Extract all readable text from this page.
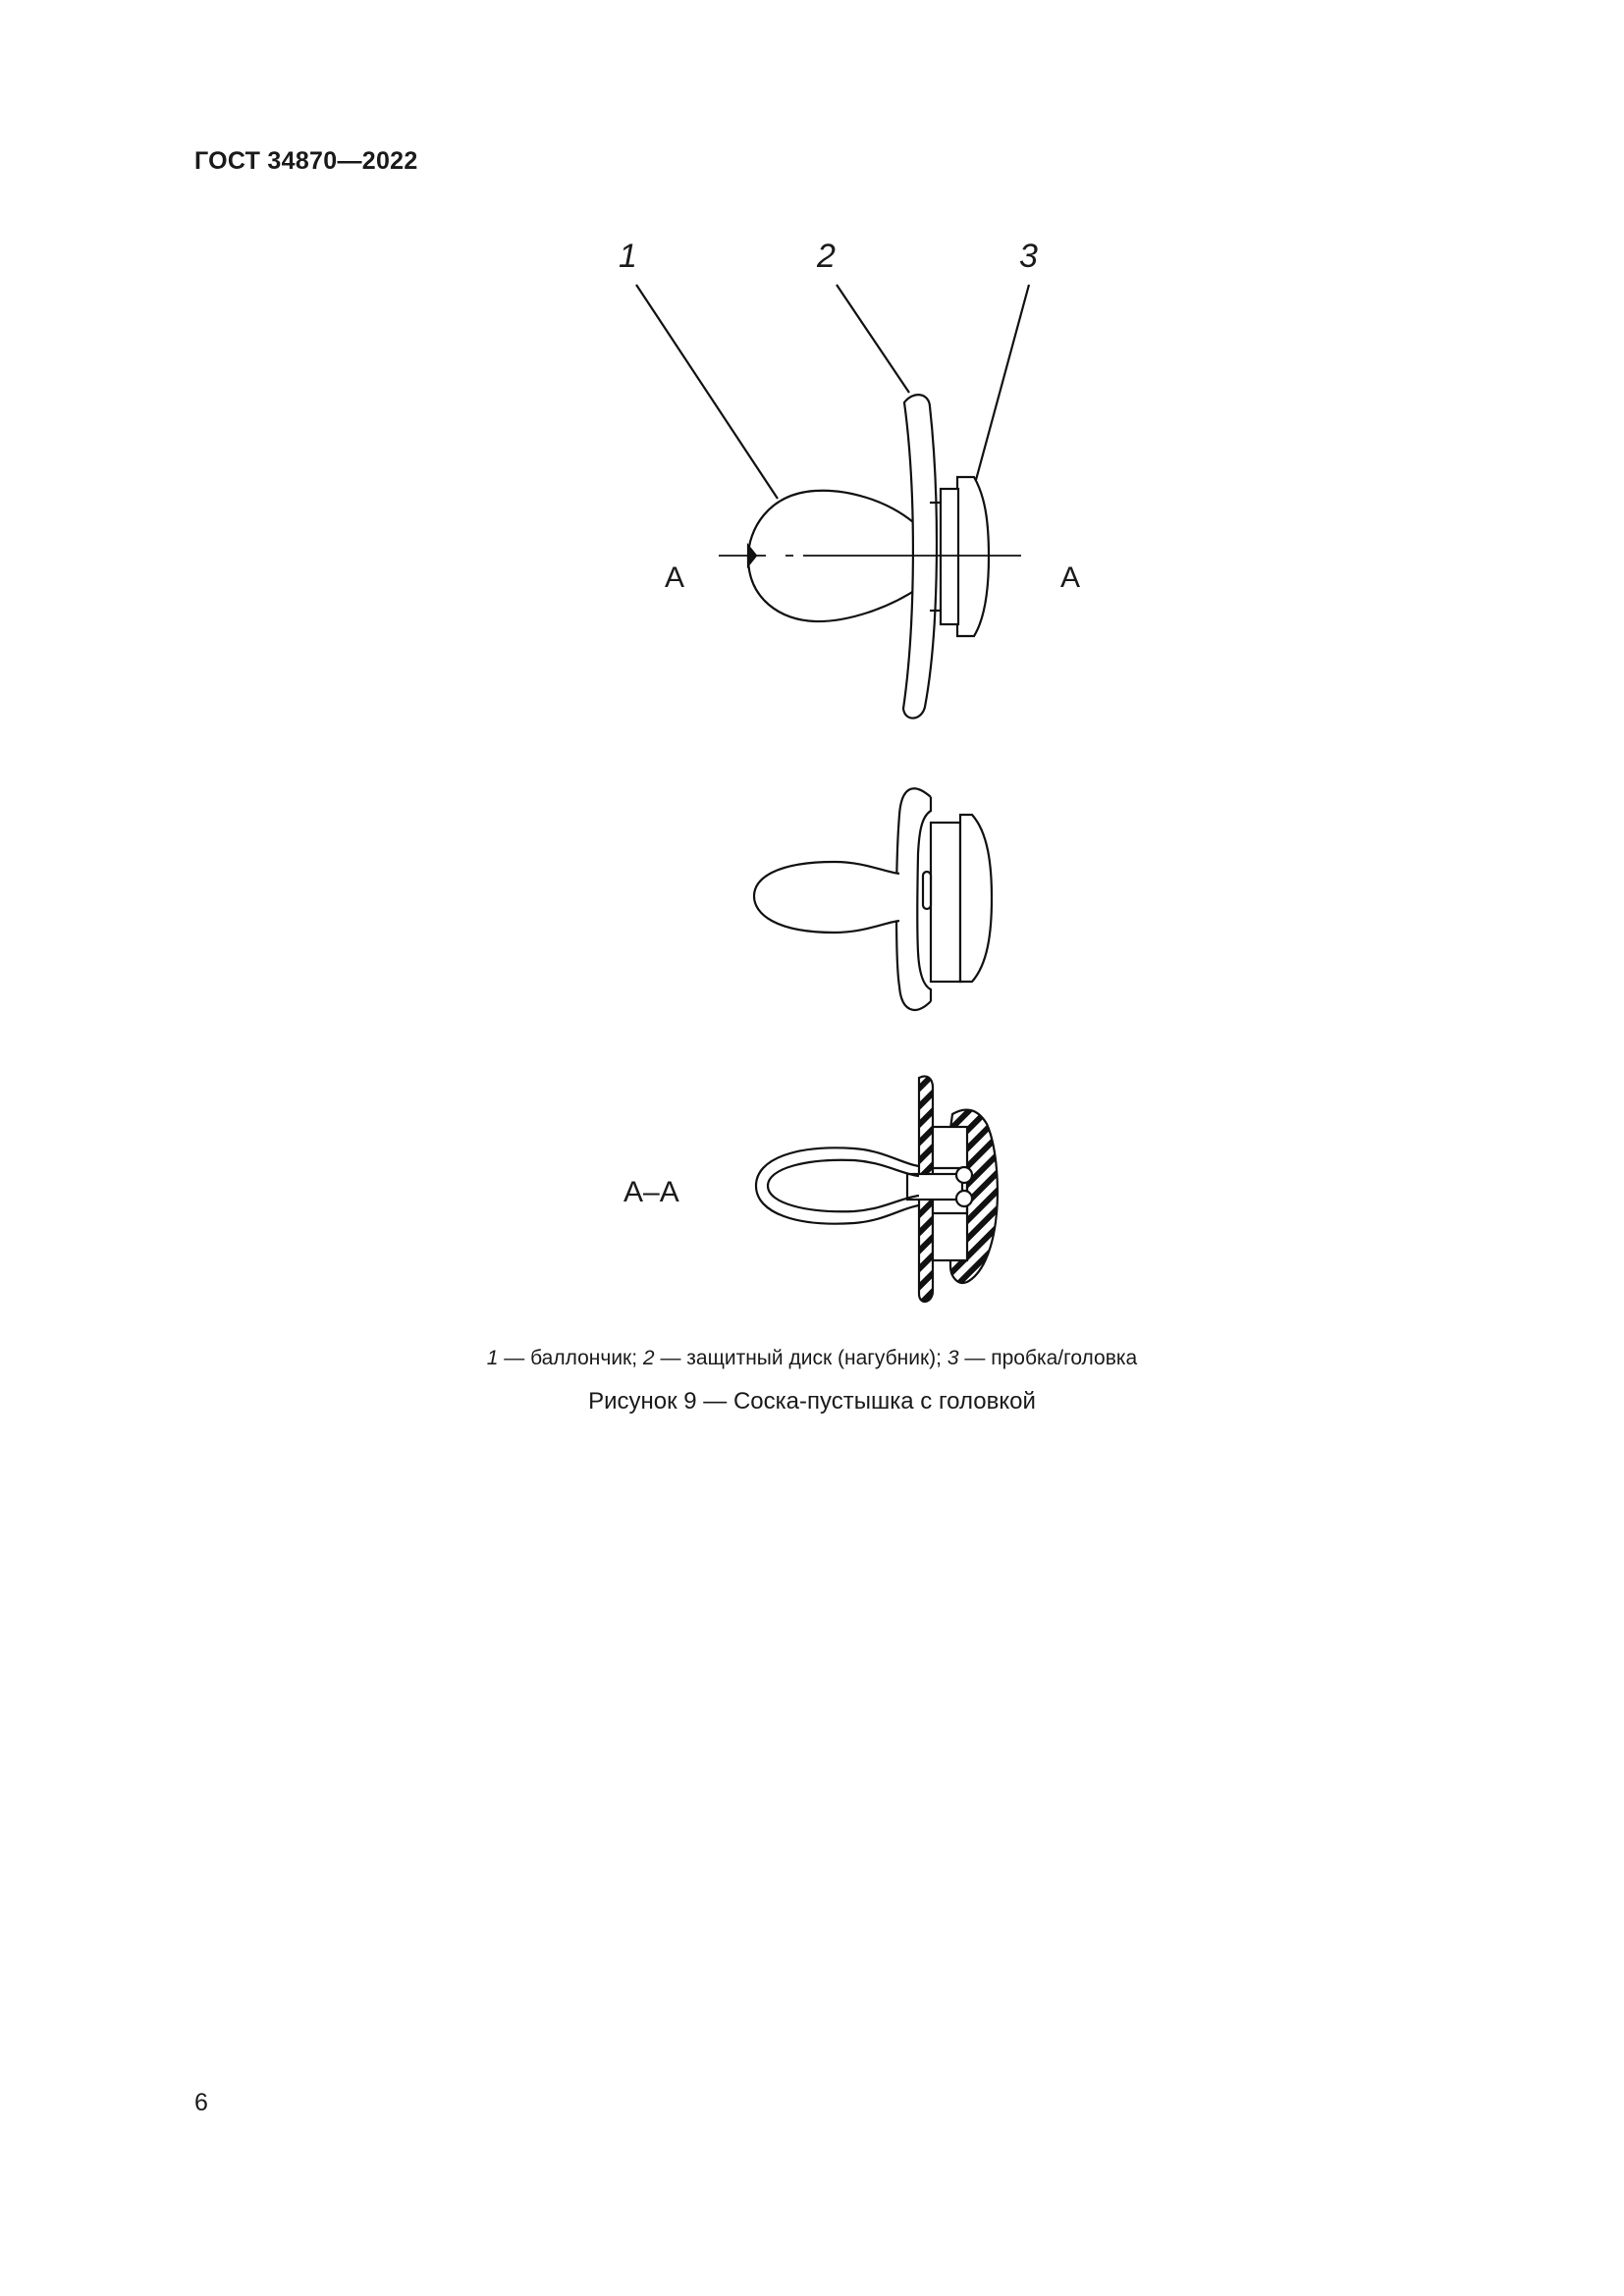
ГОСТ 34870—2022
1	2	3
А	А
А–А
1 — баллончик; 2 — защитный диск (нагубник); 3 — пробка/головка
Рисунок 9 — Соска-пустышка с головкой
6
